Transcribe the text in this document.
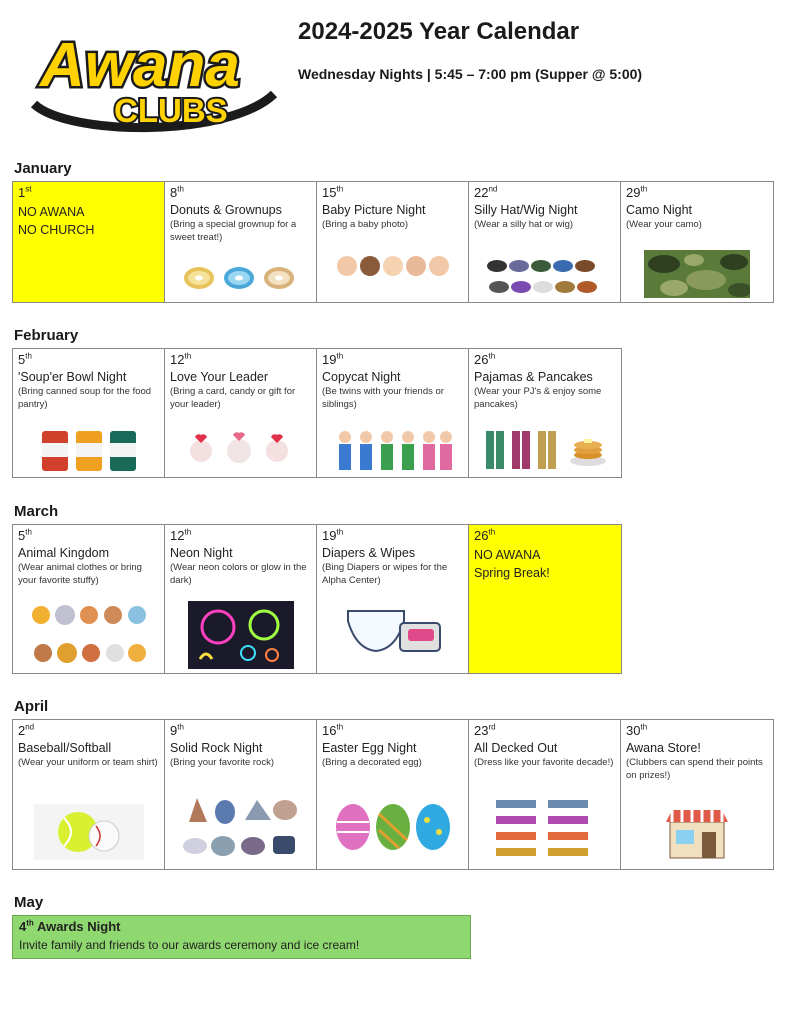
Awana
CLUBS
2024-2025 Year Calendar
Wednesday Nights | 5:45 – 7:00 pm (Supper @ 5:00)
January
1st
NO AWANA
NO CHURCH
8th
Donuts & Grownups
(Bring a special grownup for a sweet treat!)
15th
Baby Picture Night
(Bring a baby photo)
22nd
Silly Hat/Wig Night
(Wear a silly hat or wig)
29th
Camo Night
(Wear your camo)
February
5th
'Soup'er Bowl Night
(Bring canned soup for the food pantry)
12th
Love Your Leader
(Bring a card, candy or gift for your leader)
19th
Copycat Night
(Be twins with your friends or siblings)
26th
Pajamas & Pancakes
(Wear your PJ's & enjoy some pancakes)
March
5th
Animal Kingdom
(Wear animal clothes or bring your favorite stuffy)
12th
Neon Night
(Wear neon colors or glow in the dark)
19th
Diapers & Wipes
(Bing Diapers or wipes for the Alpha Center)
26th
NO AWANA
Spring Break!
April
2nd
Baseball/Softball
(Wear your uniform or team shirt)
9th
Solid Rock Night
(Bring your favorite rock)
16th
Easter Egg Night
(Bring a decorated egg)
23rd
All Decked Out
(Dress like your favorite decade!)
30th
Awana Store!
(Clubbers can spend their points on prizes!)
May
4th Awards Night
Invite family and friends to our awards ceremony and ice cream!
